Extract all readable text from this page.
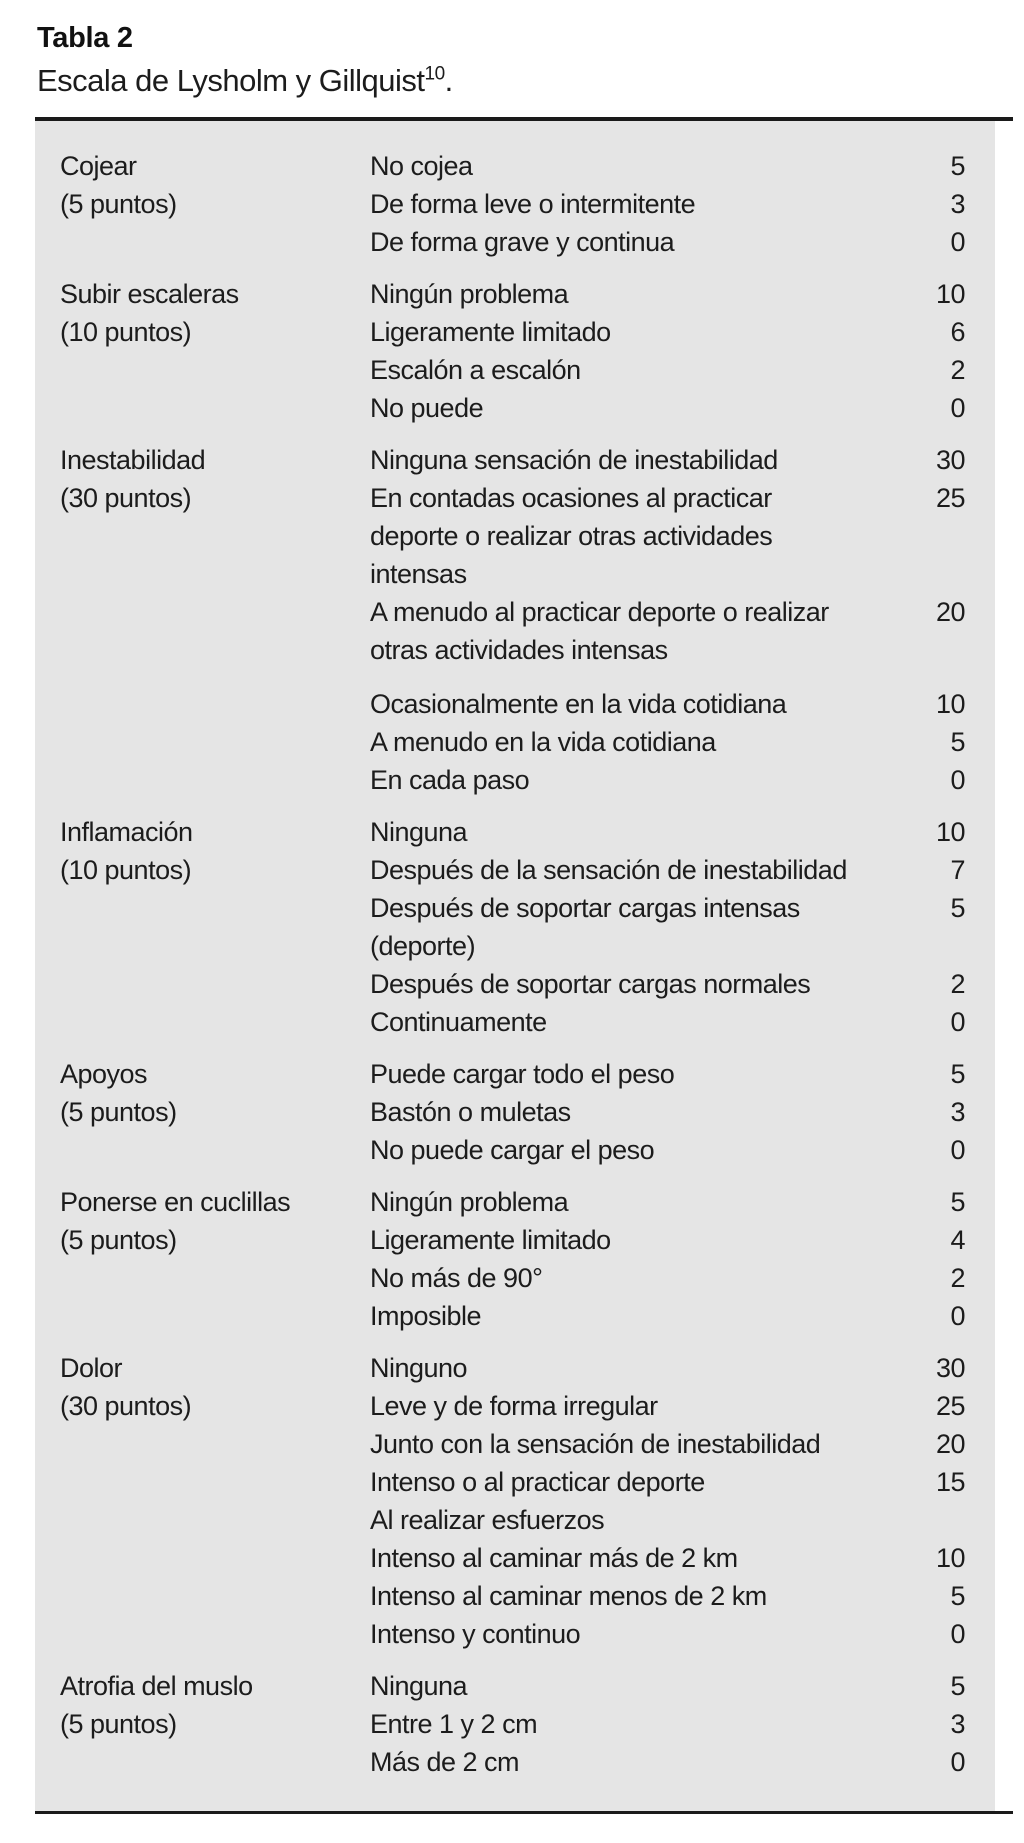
Tabla 2
Escala de Lysholm y Gillquist$^{10}$.
Cojear
(5 puntos)
No cojea	5
De forma leve o intermitente	3
De forma grave y continua	0
Subir escaleras
(10 puntos)
Ningún problema	10
Ligeramente limitado	6
Escalón a escalón	2
No puede	0
Inestabilidad
(30 puntos)
Ninguna sensación de inestabilidad	30
En contadas ocasiones al practicar	25
deporte o realizar otras actividades
intensas
A menudo al practicar deporte o realizar	20
otras actividades intensas
Ocasionalmente en la vida cotidiana	10
A menudo en la vida cotidiana	5
En cada paso	0
Inflamación
(10 puntos)
Ninguna	10
Después de la sensación de inestabilidad	7
Después de soportar cargas intensas	5
(deporte)
Después de soportar cargas normales	2
Continuamente	0
Apoyos
(5 puntos)
Puede cargar todo el peso	5
Bastón o muletas	3
No puede cargar el peso	0
Ponerse en cuclillas
(5 puntos)
Ningún problema	5
Ligeramente limitado	4
No más de 90°	2
Imposible	0
Dolor
(30 puntos)
Ninguno	30
Leve y de forma irregular	25
Junto con la sensación de inestabilidad	20
Intenso o al practicar deporte	15
Al realizar esfuerzos
Intenso al caminar más de 2 km	10
Intenso al caminar menos de 2 km	5
Intenso y continuo	0
Atrofia del muslo
(5 puntos)
Ninguna	5
Entre 1 y 2 cm	3
Más de 2 cm	0
